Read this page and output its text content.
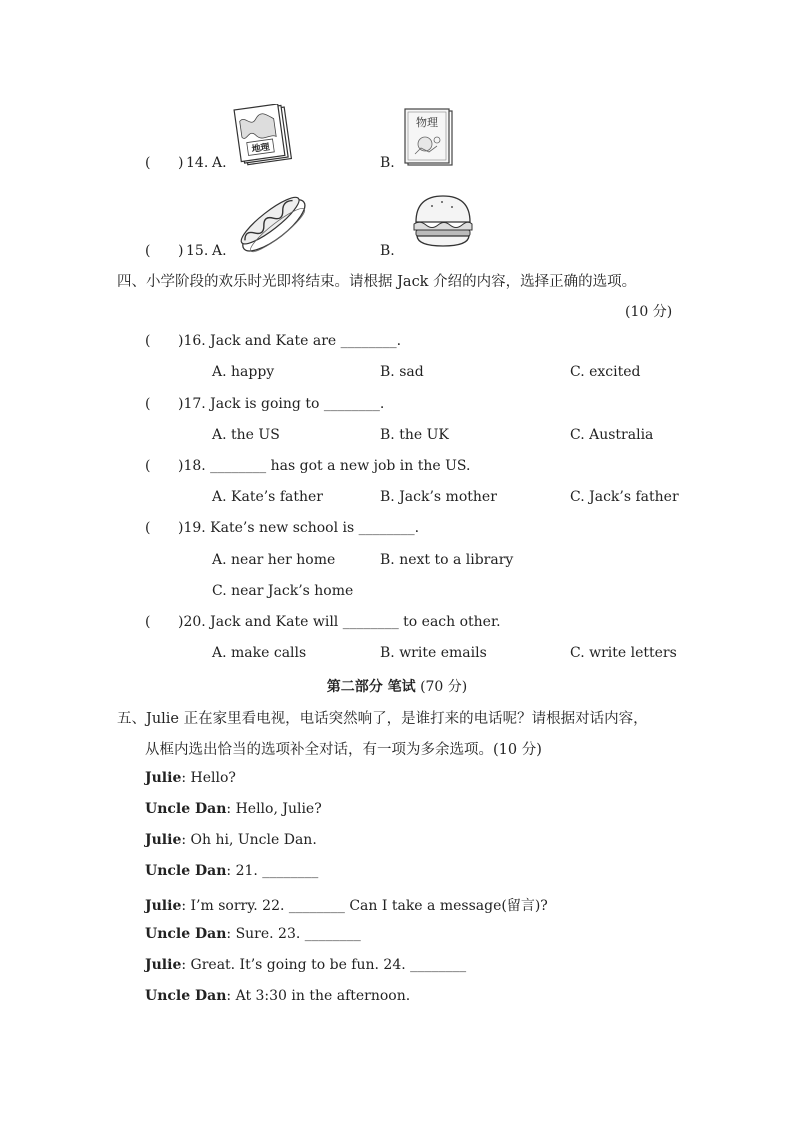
(	) 14. A.	B.
地理
物理
(	) 15. A.	B.
四、小学阶段的欢乐时光即将结束。请根据 Jack 介绍的内容，选择正确的选项。
(10 分)
(	)16. Jack and Kate are ________.
A. happy	B. sad	C. excited
(	)17. Jack is going to ________.
A. the US	B. the UK	C. Australia
(	)18. ________ has got a new job in the US.
A. Kate’s father	B. Jack’s mother	C. Jack’s father
(	)19. Kate’s new school is ________.
A. near her home	B. next to a library
C. near Jack’s home
(	)20. Jack and Kate will ________ to each other.
A. make calls	B. write emails	C. write letters
第二部分 笔试 (70 分)
五、Julie 正在家里看电视，电话突然响了，是谁打来的电话呢？请根据对话内容，
从框内选出恰当的选项补全对话，有一项为多余选项。(10 分)
Julie: Hello?
Uncle Dan: Hello, Julie?
Julie: Oh hi, Uncle Dan.
Uncle Dan: 21. ________
Julie: I’m sorry. 22. ________ Can I take a message(留言)?
Uncle Dan: Sure. 23. ________
Julie: Great. It’s going to be fun. 24. ________
Uncle Dan: At 3:30 in the afternoon.
